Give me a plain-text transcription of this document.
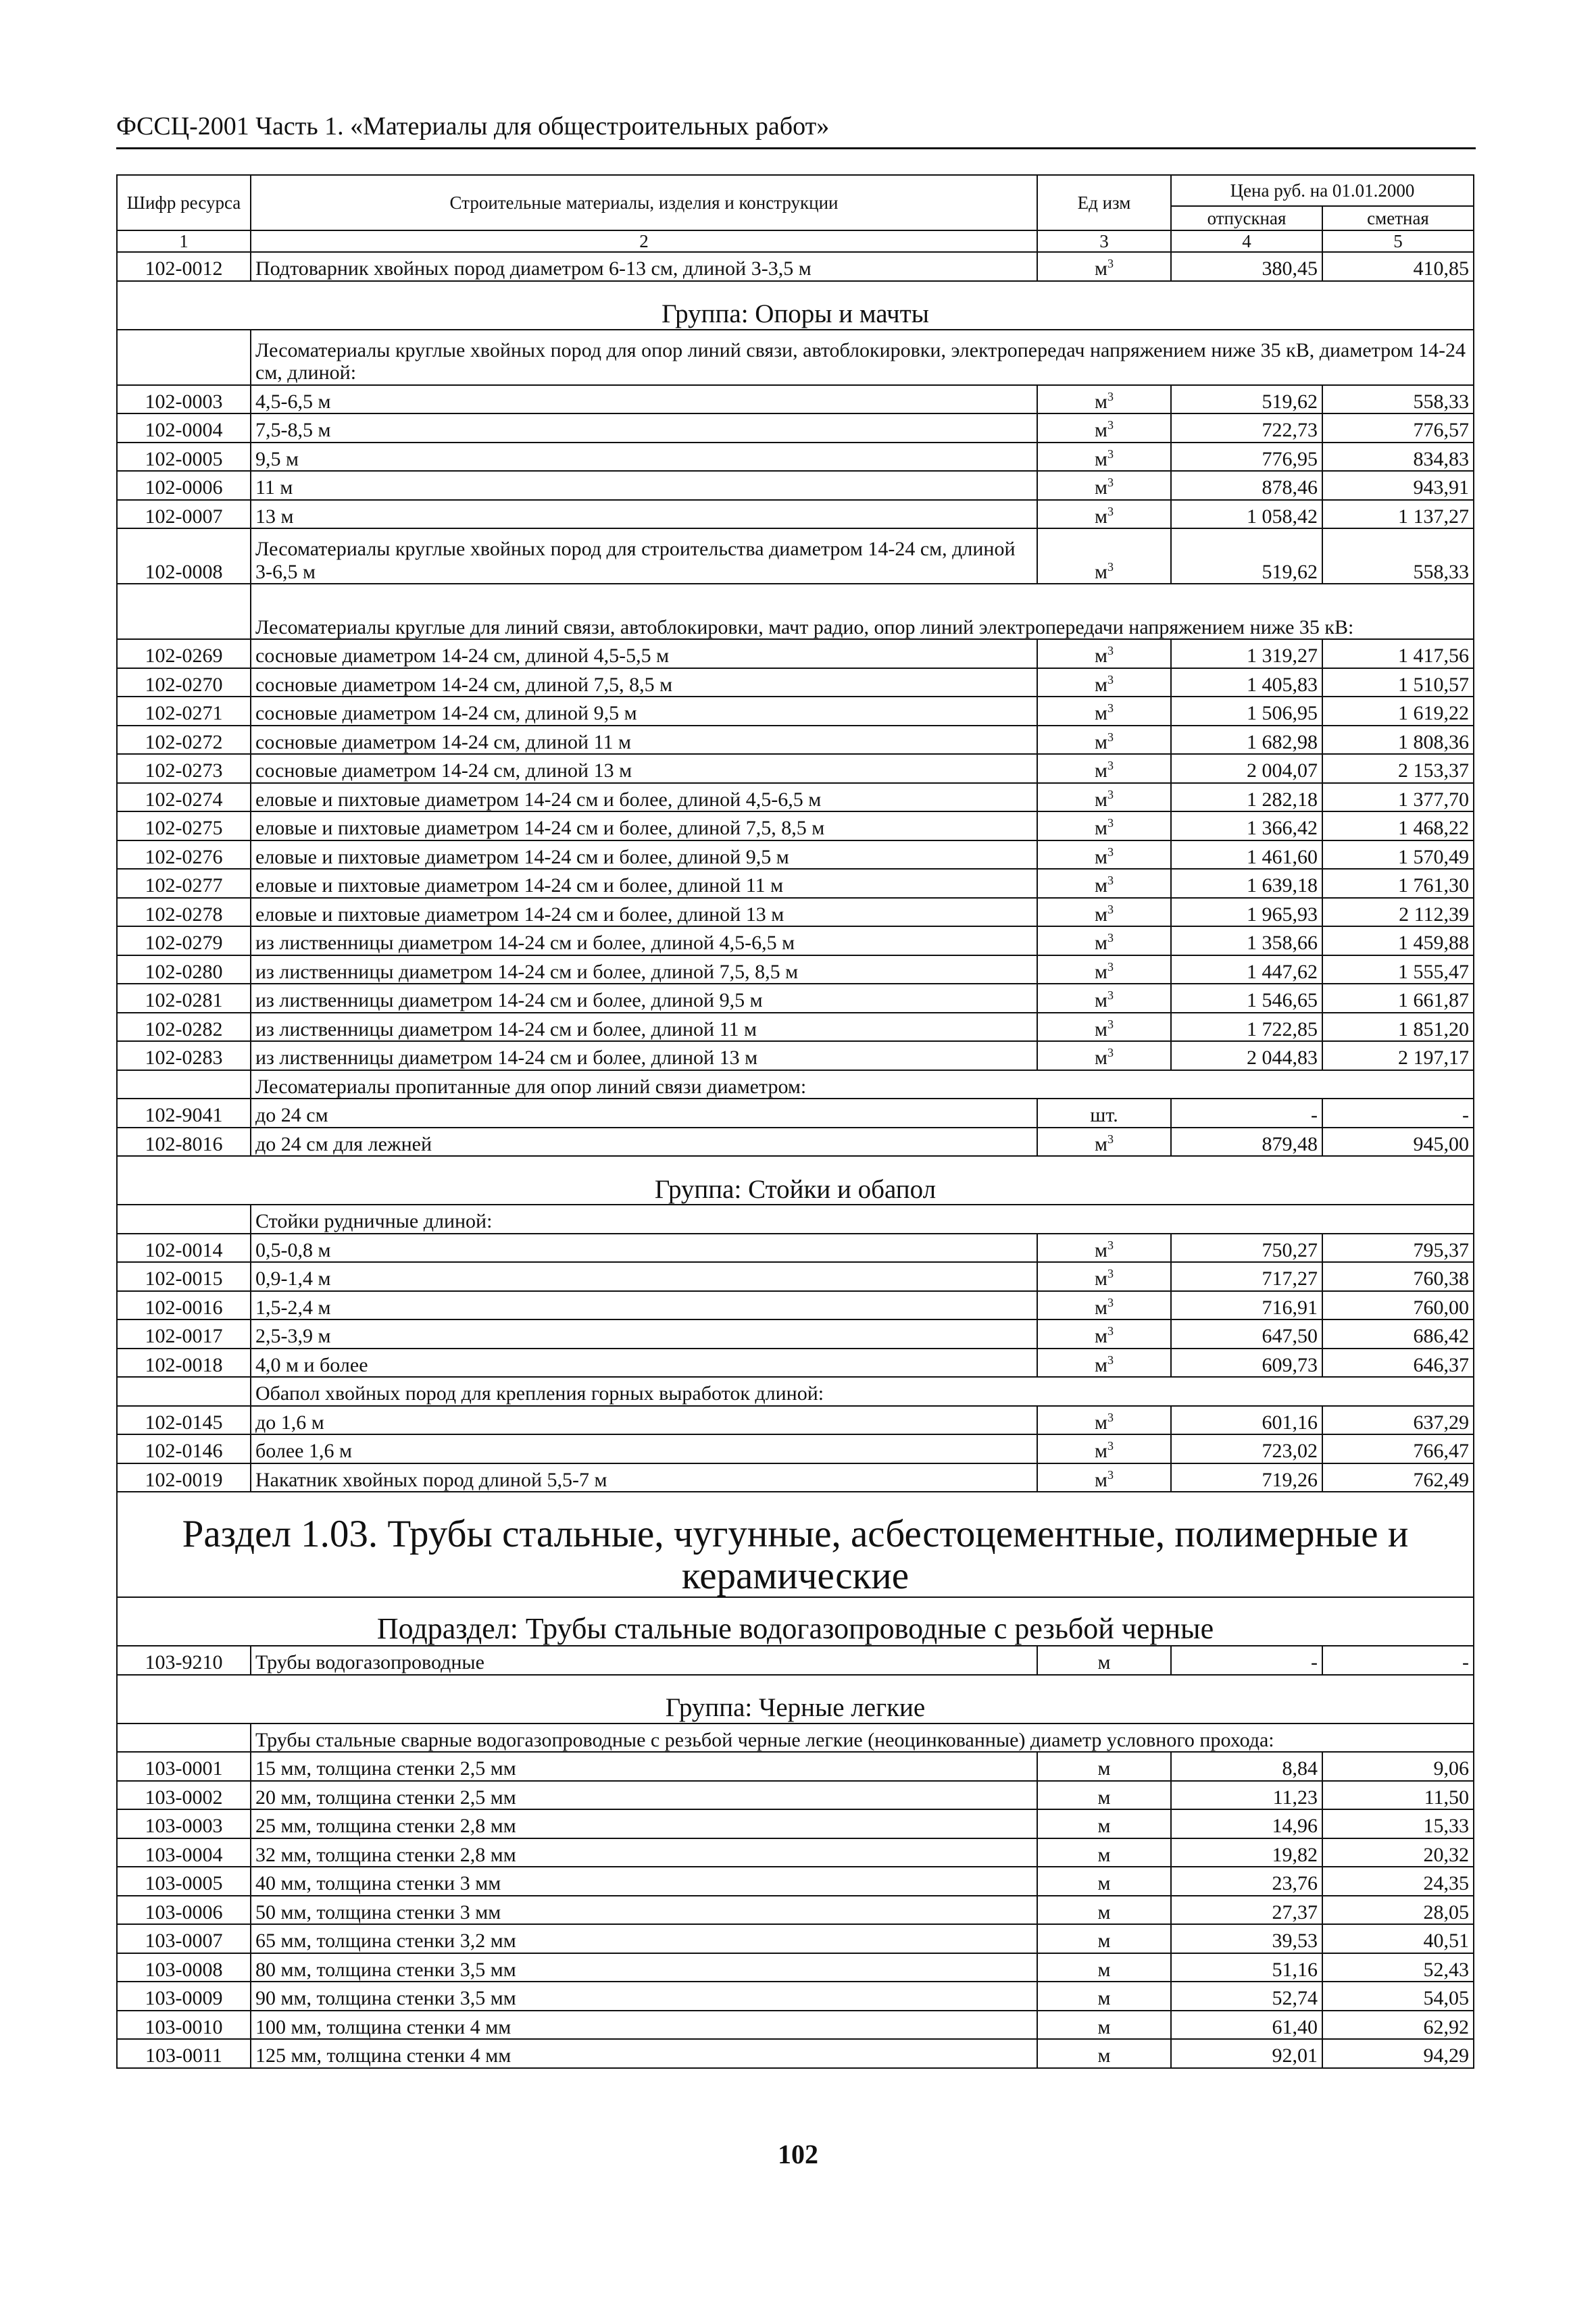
ФССЦ-2001 Часть 1. «Материалы для общестроительных работ»
Шифр ресурса	Строительные материалы, изделия и конструкции	Ед изм	Цена руб. на 01.01.2000	
			отпускная	сметная
1	2	3	4	5
102-0012	Подтоварник хвойных пород диаметром 6-13 см, длиной 3-3,5 м	$м^3$	380,45	410,85
Группа: Опоры и мачты				
	Лесоматериалы круглые хвойных пород для опор линий связи, автоблокировки, электропередач напряжением ниже 35 кВ, диаметром 14-24 см, длиной:			
102-0003	4,5-6,5 м	$м^3$	519,62	558,33
102-0004	7,5-8,5 м	$м^3$	722,73	776,57
102-0005	9,5 м	$м^3$	776,95	834,83
102-0006	11 м	$м^3$	878,46	943,91
102-0007	13 м	$м^3$	1 058,42	1 137,27
102-0008	Лесоматериалы круглые хвойных пород для строительства диаметром 14-24 см, длиной 3-6,5 м	$м^3$	519,62	558,33
	Лесоматериалы круглые для линий связи, автоблокировки, мачт радио, опор линий электропередачи напряжением ниже 35 кВ:			
102-0269	сосновые диаметром 14-24 см, длиной 4,5-5,5 м	$м^3$	1 319,27	1 417,56
102-0270	сосновые диаметром 14-24 см, длиной 7,5, 8,5 м	$м^3$	1 405,83	1 510,57
102-0271	сосновые диаметром 14-24 см, длиной 9,5 м	$м^3$	1 506,95	1 619,22
102-0272	сосновые диаметром 14-24 см, длиной 11 м	$м^3$	1 682,98	1 808,36
102-0273	сосновые диаметром 14-24 см, длиной 13 м	$м^3$	2 004,07	2 153,37
102-0274	еловые и пихтовые диаметром 14-24 см и более, длиной 4,5-6,5 м	$м^3$	1 282,18	1 377,70
102-0275	еловые и пихтовые диаметром 14-24 см и более, длиной 7,5, 8,5 м	$м^3$	1 366,42	1 468,22
102-0276	еловые и пихтовые диаметром 14-24 см и более, длиной 9,5 м	$м^3$	1 461,60	1 570,49
102-0277	еловые и пихтовые диаметром 14-24 см и более, длиной 11 м	$м^3$	1 639,18	1 761,30
102-0278	еловые и пихтовые диаметром 14-24 см и более, длиной 13 м	$м^3$	1 965,93	2 112,39
102-0279	из лиственницы диаметром 14-24 см и более, длиной 4,5-6,5 м	$м^3$	1 358,66	1 459,88
102-0280	из лиственницы диаметром 14-24 см и более, длиной 7,5, 8,5 м	$м^3$	1 447,62	1 555,47
102-0281	из лиственницы диаметром 14-24 см и более, длиной 9,5 м	$м^3$	1 546,65	1 661,87
102-0282	из лиственницы диаметром 14-24 см и более, длиной 11 м	$м^3$	1 722,85	1 851,20
102-0283	из лиственницы диаметром 14-24 см и более, длиной 13 м	$м^3$	2 044,83	2 197,17
	Лесоматериалы пропитанные для опор линий связи диаметром:			
102-9041	до 24 см	шт.	-	-
102-8016	до 24 см для лежней	$м^3$	879,48	945,00
Группа: Стойки и обапол				
	Стойки рудничные длиной:			
102-0014	0,5-0,8 м	$м^3$	750,27	795,37
102-0015	0,9-1,4 м	$м^3$	717,27	760,38
102-0016	1,5-2,4 м	$м^3$	716,91	760,00
102-0017	2,5-3,9 м	$м^3$	647,50	686,42
102-0018	4,0 м и более	$м^3$	609,73	646,37
	Обапол хвойных пород для крепления горных выработок длиной:			
102-0145	до 1,6 м	$м^3$	601,16	637,29
102-0146	более 1,6 м	$м^3$	723,02	766,47
102-0019	Накатник хвойных пород длиной 5,5-7 м	$м^3$	719,26	762,49
Раздел 1.03. Трубы стальные, чугунные, асбестоцементные, полимерные и керамические				
Подраздел: Трубы стальные водогазопроводные с резьбой черные				
103-9210	Трубы водогазопроводные	м	-	-
Группа: Черные легкие				
	Трубы стальные сварные водогазопроводные с резьбой черные легкие (неоцинкованные) диаметр условного прохода:			
103-0001	15 мм, толщина стенки 2,5 мм	м	8,84	9,06
103-0002	20 мм, толщина стенки 2,5 мм	м	11,23	11,50
103-0003	25 мм, толщина стенки 2,8 мм	м	14,96	15,33
103-0004	32 мм, толщина стенки 2,8 мм	м	19,82	20,32
103-0005	40 мм, толщина стенки 3 мм	м	23,76	24,35
103-0006	50 мм, толщина стенки 3 мм	м	27,37	28,05
103-0007	65 мм, толщина стенки 3,2 мм	м	39,53	40,51
103-0008	80 мм, толщина стенки 3,5 мм	м	51,16	52,43
103-0009	90 мм, толщина стенки 3,5 мм	м	52,74	54,05
103-0010	100 мм, толщина стенки 4 мм	м	61,40	62,92
103-0011	125 мм, толщина стенки 4 мм	м	92,01	94,29
102
